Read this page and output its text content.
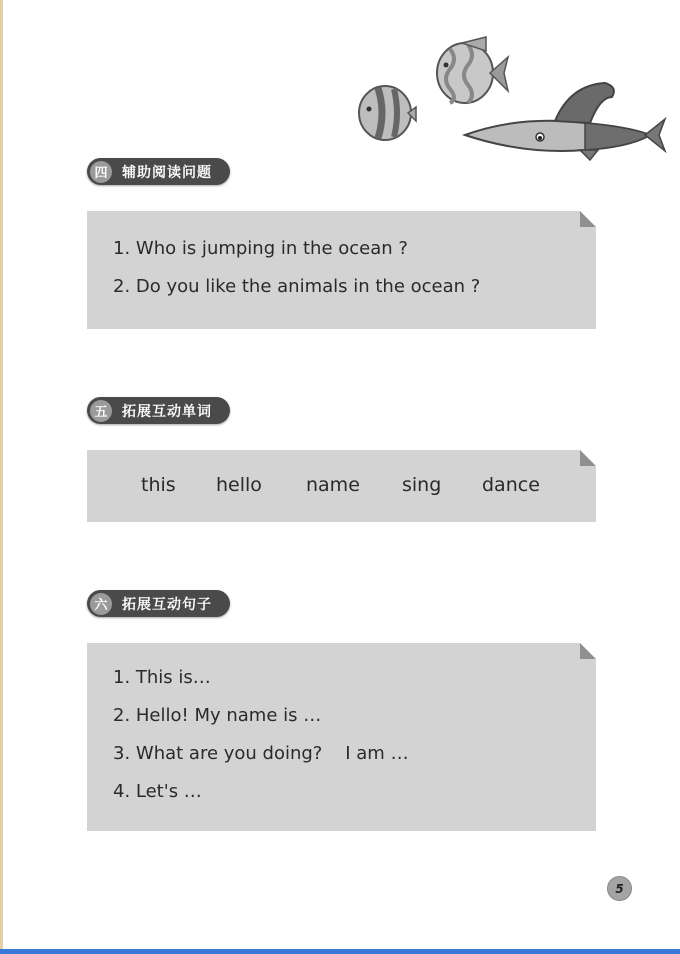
四	辅助阅读问题
1. Who is jumping in the ocean ?
2. Do you like the animals in the ocean ?
五	拓展互动单词
this hello name sing dance
六	拓展互动句子
1. This is…
2. Hello! My name is …
3. What are you doing?    I am …
4. Let's …
5
